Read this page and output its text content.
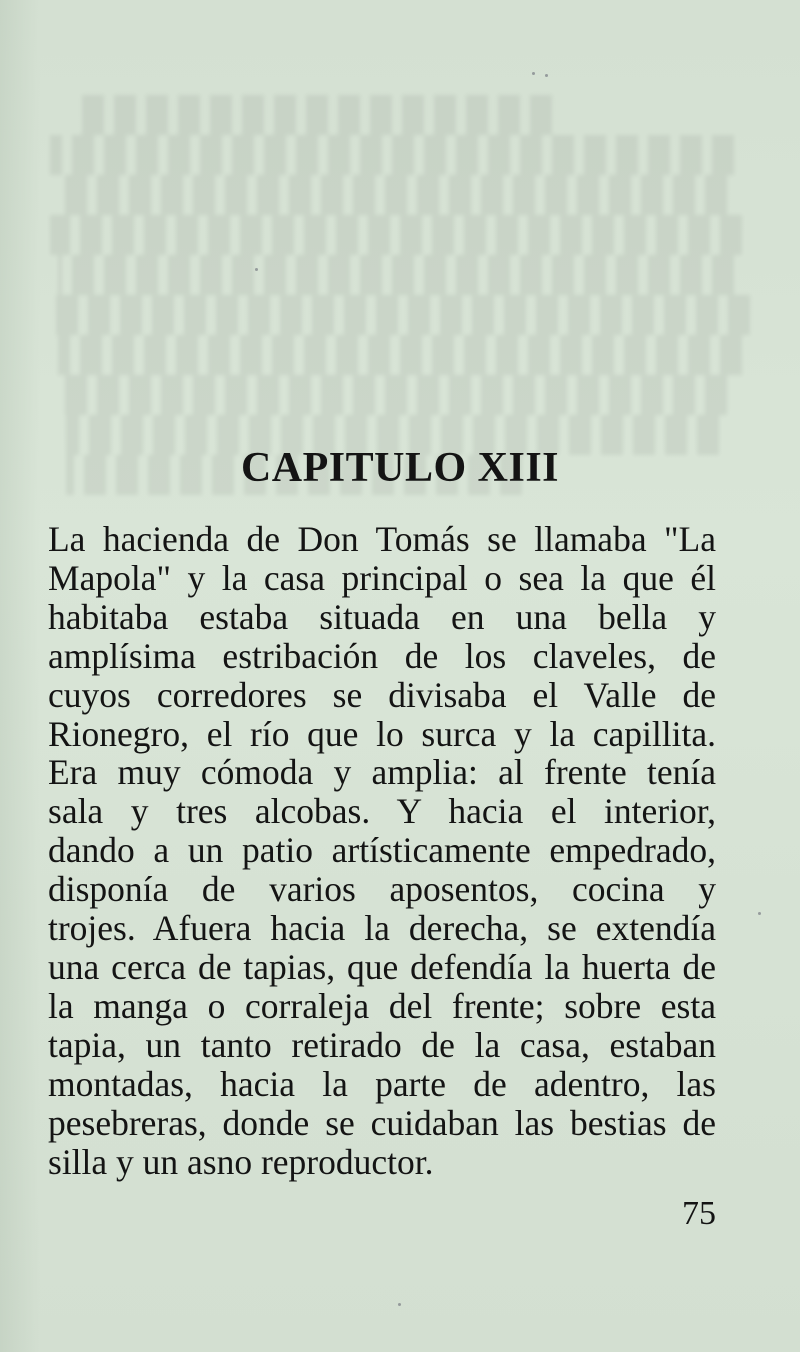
CAPITULO XIII
La hacienda de Don Tomás se llamaba "La
Mapola" y la casa principal o sea la que él
habitaba estaba situada en una bella y
amplísima estribación de los claveles, de
cuyos corredores se divisaba el Valle de
Rionegro, el río que lo surca y la capillita.
Era muy cómoda y amplia: al frente tenía
sala y tres alcobas. Y hacia el interior,
dando a un patio artísticamente empedrado,
disponía de varios aposentos, cocina y
trojes. Afuera hacia la derecha, se extendía
una cerca de tapias, que defendía la huerta de
la manga o corraleja del frente; sobre esta
tapia, un tanto retirado de la casa, estaban
montadas, hacia la parte de adentro, las
pesebreras, donde se cuidaban las bestias de
silla y un asno reproductor.
75
